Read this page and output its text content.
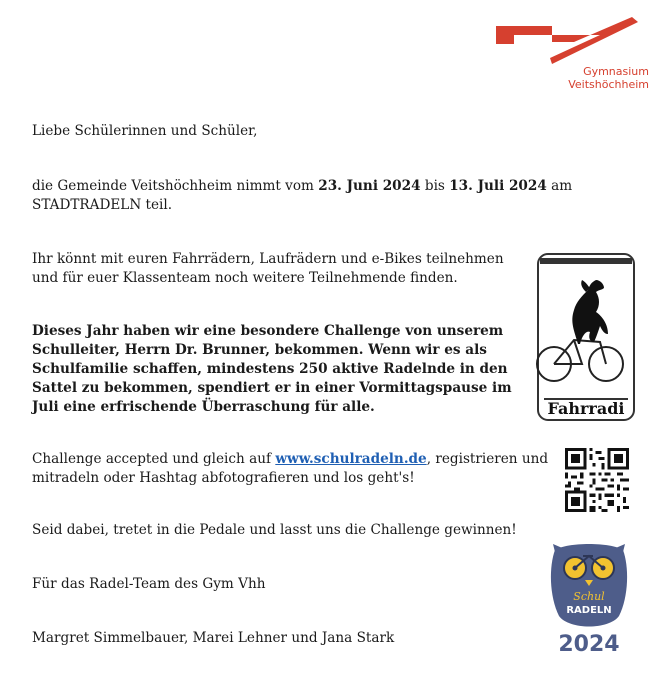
Gymnasium
Veitshöchheim
Liebe Schülerinnen und Schüler,
die Gemeinde Veitshöchheim nimmt vom 23. Juni 2024 bis 13. Juli 2024 am
STADTRADELN teil.
Ihr könnt mit euren Fahrrädern, Laufrädern und e-Bikes teilnehmen
und für euer Klassenteam noch weitere Teilnehmende finden.
Dieses Jahr haben wir eine besondere Challenge von unserem
Schulleiter, Herrn Dr. Brunner, bekommen. Wenn wir es als
Schulfamilie schaffen, mindestens 250 aktive Radelnde in den
Sattel zu bekommen, spendiert er in einer Vormittagspause im
Juli eine erfrischende Überraschung für alle.
Challenge accepted und gleich auf www.schulradeln.de, registrieren und
mitradeln oder Hashtag abfotografieren und los geht's!
Seid dabei, tretet in die Pedale und lasst uns die Challenge gewinnen!
Für das Radel-Team des Gym Vhh
Margret Simmelbauer, Marei Lehner und Jana Stark
Fahrradi
Schul
RADELN
2024
